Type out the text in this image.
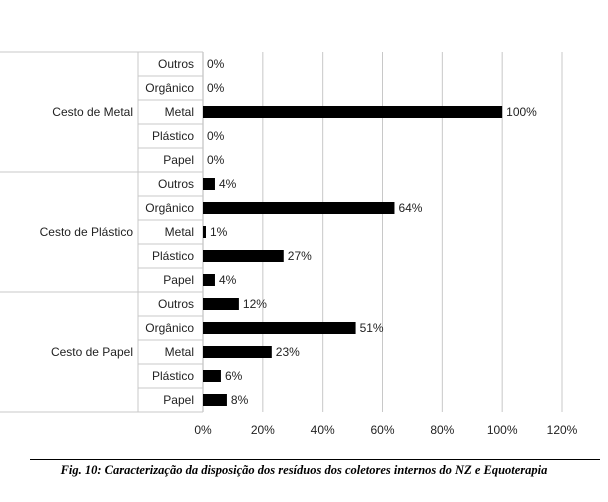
0%	20%	40%	60%	80%	100% 120%
Outros 0%
Orgânico 0%
Metal	100%
Plástico 0%
Papel 0%
Outros 4%
Orgânico	64%
Metal 1%
Plástico	27%
Papel 4%
Outros	12%
Orgânico	51%
Metal	23%
Plástico	6%
Papel	8%
Cesto de Metal
Cesto de Plástico
Cesto de Papel
Fig. 10: Caracterização da disposição dos resíduos dos coletores internos do NZ e Equoterapia
